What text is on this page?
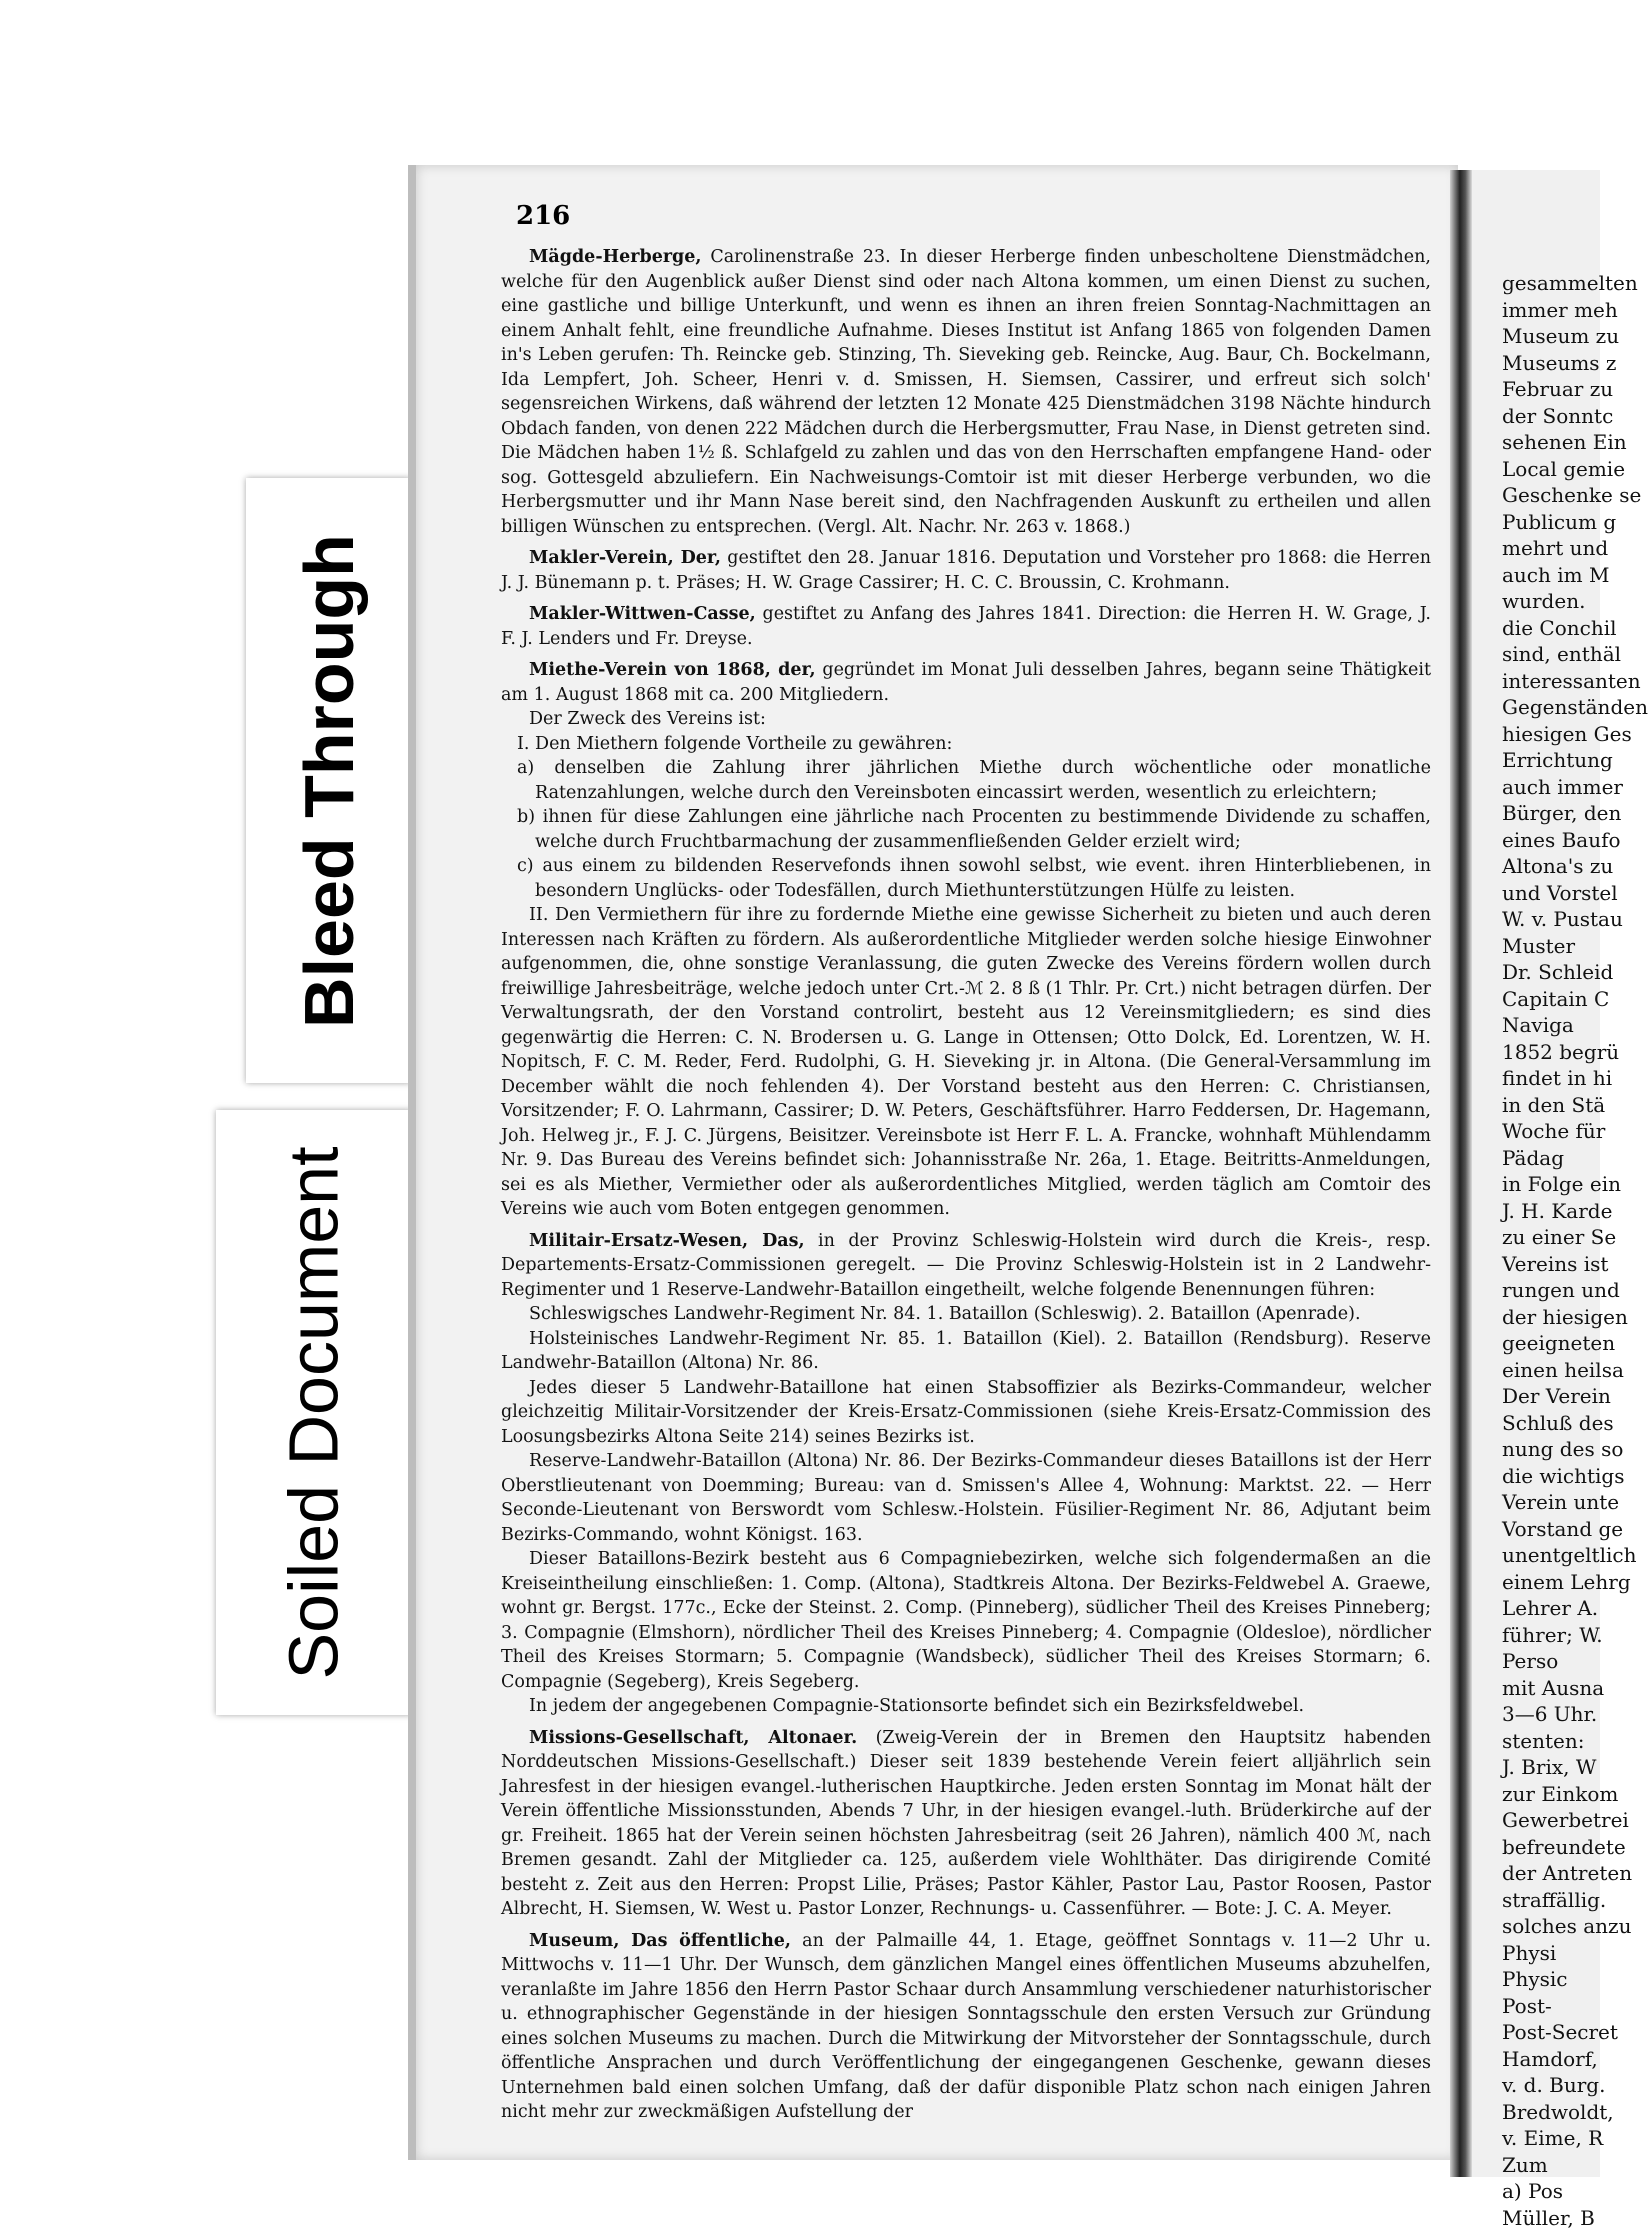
Bleed Through
Soiled Document
216

Mägde-Herberge, Carolinenstraße 23. In dieser Herberge finden unbescholtene Dienstmädchen, welche für den Augenblick außer Dienst sind oder nach Altona kommen, um einen Dienst zu suchen, eine gastliche und billige Unterkunft, und wenn es ihnen an ihren freien Sonntag-Nachmittagen an einem Anhalt fehlt, eine freundliche Aufnahme. Dieses Institut ist Anfang 1865 von folgenden Damen in's Leben gerufen: Th. Reincke geb. Stinzing, Th. Sieveking geb. Reincke, Aug. Baur, Ch. Bockelmann, Ida Lempfert, Joh. Scheer, Henri v. d. Smissen, H. Siemsen, Cassirer, und erfreut sich solch' segensreichen Wirkens, daß während der letzten 12 Monate 425 Dienstmädchen 3198 Nächte hindurch Obdach fanden, von denen 222 Mädchen durch die Herbergsmutter, Frau Nase, in Dienst getreten sind. Die Mädchen haben 1½ ß. Schlafgeld zu zahlen und das von den Herrschaften empfangene Hand- oder sog. Gottesgeld abzuliefern. Ein Nachweisungs-Comtoir ist mit dieser Herberge verbunden, wo die Herbergsmutter und ihr Mann Nase bereit sind, den Nachfragenden Auskunft zu ertheilen und allen billigen Wünschen zu entsprechen. (Vergl. Alt. Nachr. Nr. 263 v. 1868.)

Makler-Verein, Der, gestiftet den 28. Januar 1816. Deputation und Vorsteher pro 1868: die Herren J. J. Bünemann p. t. Präses; H. W. Grage Cassirer; H. C. C. Broussin, C. Krohmann.

Makler-Wittwen-Casse, gestiftet zu Anfang des Jahres 1841. Direction: die Herren H. W. Grage, J. F. J. Lenders und Fr. Dreyse.

Miethe-Verein von 1868, der, gegründet im Monat Juli desselben Jahres, begann seine Thätigkeit am 1. August 1868 mit ca. 200 Mitgliedern.

Der Zweck des Vereins ist:

I. Den Miethern folgende Vortheile zu gewähren:

a) denselben die Zahlung ihrer jährlichen Miethe durch wöchentliche oder monatliche Ratenzahlungen, welche durch den Vereinsboten eincassirt werden, wesentlich zu erleichtern;

b) ihnen für diese Zahlungen eine jährliche nach Procenten zu bestimmende Dividende zu schaffen, welche durch Fruchtbarmachung der zusammenfließenden Gelder erzielt wird;

c) aus einem zu bildenden Reservefonds ihnen sowohl selbst, wie event. ihren Hinterbliebenen, in besondern Unglücks- oder Todesfällen, durch Miethunterstützungen Hülfe zu leisten.

II. Den Vermiethern für ihre zu fordernde Miethe eine gewisse Sicherheit zu bieten und auch deren Interessen nach Kräften zu fördern. Als außerordentliche Mitglieder werden solche hiesige Einwohner aufgenommen, die, ohne sonstige Veranlassung, die guten Zwecke des Vereins fördern wollen durch freiwillige Jahresbeiträge, welche jedoch unter Crt.-ℳ 2. 8 ß (1 Thlr. Pr. Crt.) nicht betragen dürfen. Der Verwaltungsrath, der den Vorstand controlirt, besteht aus 12 Vereinsmitgliedern; es sind dies gegenwärtig die Herren: C. N. Brodersen u. G. Lange in Ottensen; Otto Dolck, Ed. Lorentzen, W. H. Nopitsch, F. C. M. Reder, Ferd. Rudolphi, G. H. Sieveking jr. in Altona. (Die General-Versammlung im December wählt die noch fehlenden 4). Der Vorstand besteht aus den Herren: C. Christiansen, Vorsitzender; F. O. Lahrmann, Cassirer; D. W. Peters, Geschäftsführer. Harro Feddersen, Dr. Hagemann, Joh. Helweg jr., F. J. C. Jürgens, Beisitzer. Vereinsbote ist Herr F. L. A. Francke, wohnhaft Mühlendamm Nr. 9. Das Bureau des Vereins befindet sich: Johannisstraße Nr. 26a, 1. Etage. Beitritts-Anmeldungen, sei es als Miether, Vermiether oder als außerordentliches Mitglied, werden täglich am Comtoir des Vereins wie auch vom Boten entgegen genommen.

Militair-Ersatz-Wesen, Das, in der Provinz Schleswig-Holstein wird durch die Kreis-, resp. Departements-Ersatz-Commissionen geregelt. — Die Provinz Schleswig-Holstein ist in 2 Landwehr-Regimenter und 1 Reserve-Landwehr-Bataillon eingetheilt, welche folgende Benennungen führen:

Schleswigsches Landwehr-Regiment Nr. 84. 1. Bataillon (Schleswig). 2. Bataillon (Apenrade).

Holsteinisches Landwehr-Regiment Nr. 85. 1. Bataillon (Kiel). 2. Bataillon (Rendsburg). Reserve Landwehr-Bataillon (Altona) Nr. 86.

Jedes dieser 5 Landwehr-Bataillone hat einen Stabsoffizier als Bezirks-Commandeur, welcher gleichzeitig Militair-Vorsitzender der Kreis-Ersatz-Commissionen (siehe Kreis-Ersatz-Commission des Loosungsbezirks Altona Seite 214) seines Bezirks ist.

Reserve-Landwehr-Bataillon (Altona) Nr. 86. Der Bezirks-Commandeur dieses Bataillons ist der Herr Oberstlieutenant von Doemming; Bureau: van d. Smissen's Allee 4, Wohnung: Marktst. 22. — Herr Seconde-Lieutenant von Berswordt vom Schlesw.-Holstein. Füsilier-Regiment Nr. 86, Adjutant beim Bezirks-Commando, wohnt Königst. 163.

Dieser Bataillons-Bezirk besteht aus 6 Compagniebezirken, welche sich folgendermaßen an die Kreiseintheilung einschließen: 1. Comp. (Altona), Stadtkreis Altona. Der Bezirks-Feldwebel A. Graewe, wohnt gr. Bergst. 177c., Ecke der Steinst. 2. Comp. (Pinneberg), südlicher Theil des Kreises Pinneberg; 3. Compagnie (Elmshorn), nördlicher Theil des Kreises Pinneberg; 4. Compagnie (Oldesloe), nördlicher Theil des Kreises Stormarn; 5. Compagnie (Wandsbeck), südlicher Theil des Kreises Stormarn; 6. Compagnie (Segeberg), Kreis Segeberg.

In jedem der angegebenen Compagnie-Stationsorte befindet sich ein Bezirksfeldwebel.

Missions-Gesellschaft, Altonaer. (Zweig-Verein der in Bremen den Hauptsitz habenden Norddeutschen Missions-Gesellschaft.) Dieser seit 1839 bestehende Verein feiert alljährlich sein Jahresfest in der hiesigen evangel.-lutherischen Hauptkirche. Jeden ersten Sonntag im Monat hält der Verein öffentliche Missionsstunden, Abends 7 Uhr, in der hiesigen evangel.-luth. Brüderkirche auf der gr. Freiheit. 1865 hat der Verein seinen höchsten Jahresbeitrag (seit 26 Jahren), nämlich 400 ℳ, nach Bremen gesandt. Zahl der Mitglieder ca. 125, außerdem viele Wohlthäter. Das dirigirende Comité besteht z. Zeit aus den Herren: Propst Lilie, Präses; Pastor Kähler, Pastor Lau, Pastor Roosen, Pastor Albrecht, H. Siemsen, W. West u. Pastor Lonzer, Rechnungs- u. Cassenführer. — Bote: J. C. A. Meyer.

Museum, Das öffentliche, an der Palmaille 44, 1. Etage, geöffnet Sonntags v. 11—2 Uhr u. Mittwochs v. 11—1 Uhr. Der Wunsch, dem gänzlichen Mangel eines öffentlichen Museums abzuhelfen, veranlaßte im Jahre 1856 den Herrn Pastor Schaar durch Ansammlung verschiedener naturhistorischer u. ethnographischer Gegenstände in der hiesigen Sonntagsschule den ersten Versuch zur Gründung eines solchen Museums zu machen. Durch die Mitwirkung der Mitvorsteher der Sonntagsschule, durch öffentliche Ansprachen und durch Veröffentlichung der eingegangenen Geschenke, gewann dieses Unternehmen bald einen solchen Umfang, daß der dafür disponible Platz schon nach einigen Jahren nicht mehr zur zweckmäßigen Aufstellung der

gesammelten
immer meh
Museum zu
Museums z
Februar zu
der Sonntc
sehenen Ein
Local gemie
Geschenke se
Publicum g
mehrt und
auch im M
wurden.
die Conchil
sind, enthäl
interessanten
Gegenständen
hiesigen Ges
Errichtung
auch immer
Bürger, den
eines Baufo
Altona's zu
und Vorstel
W. v. Pustau
Muster
Dr. Schleid
Capitain C
Naviga
1852 begrü
findet in hi
in den Stä
Woche für
Pädag
in Folge ein
J. H. Karde
zu einer Se
Vereins ist
rungen und
der hiesigen
geeigneten
einen heilsa
Der Verein
Schluß des
nung des so
die wichtigs
Verein unte
Vorstand ge
unentgeltlich
einem Lehrg
Lehrer A.
führer; W.
Perso
mit Ausna
3—6 Uhr.
stenten:
J. Brix, W
zur Einkom
Gewerbetrei
befreundete
der Antreten
straffällig.
solches anzu
Physi
Physic
Post-
Post-Secret
Hamdorf,
v. d. Burg.
Bredwoldt,
v. Eime, R
Zum
a) Pos
Müller, B
